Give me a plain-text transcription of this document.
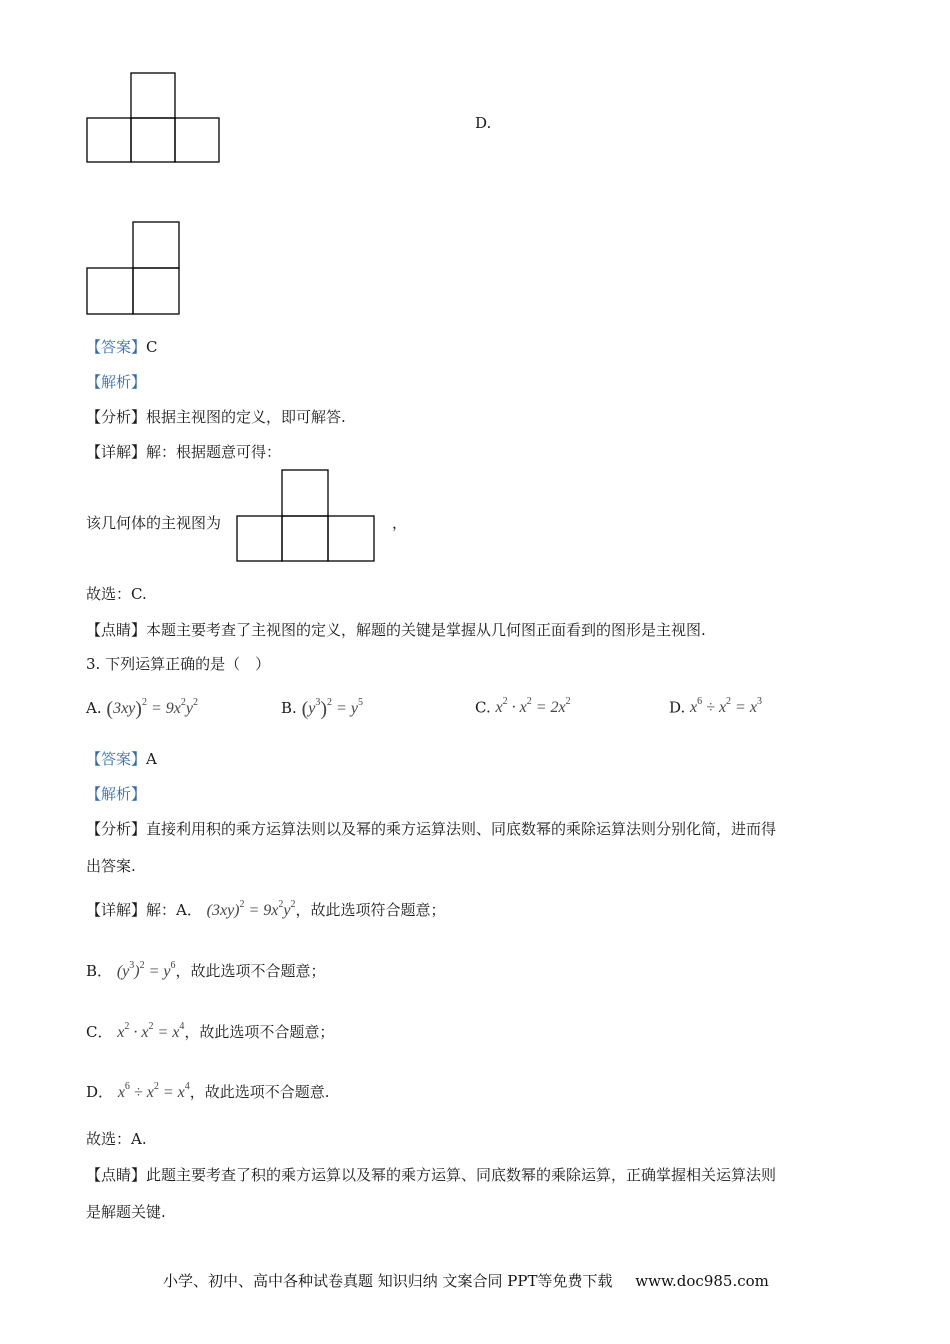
D.
【答案】C
【解析】
【分析】根据主视图的定义，即可解答.
【详解】解：根据题意可得：
该几何体的主视图为	，
故选：C.
【点睛】本题主要考查了主视图的定义，解题的关键是掌握从几何图正面看到的图形是主视图.
3. 下列运算正确的是（　）
A. $(3xy)^2 = 9x^2y^2$	B. $(y^3)^2 = y^5$	C. $x^2 \cdot x^2 = 2x^2$	D. $x^6 \div x^2 = x^3$
【答案】A
【解析】
【分析】直接利用积的乘方运算法则以及幂的乘方运算法则、同底数幂的乘除运算法则分别化简，进而得
出答案.
【详解】解：A． $(3xy)^2 = 9x^2y^2$，故此选项符合题意；
B． $(y^3)^2 = y^6$，故此选项不合题意；
C． $x^2 \cdot x^2 = x^4$，故此选项不合题意；
D． $x^6 \div x^2 = x^4$，故此选项不合题意.
故选：A.
【点睛】此题主要考查了积的乘方运算以及幂的乘方运算、同底数幂的乘除运算，正确掌握相关运算法则
是解题关键.
小学、初中、高中各种试卷真题 知识归纳 文案合同 PPT等免费下载 www.doc985.com
